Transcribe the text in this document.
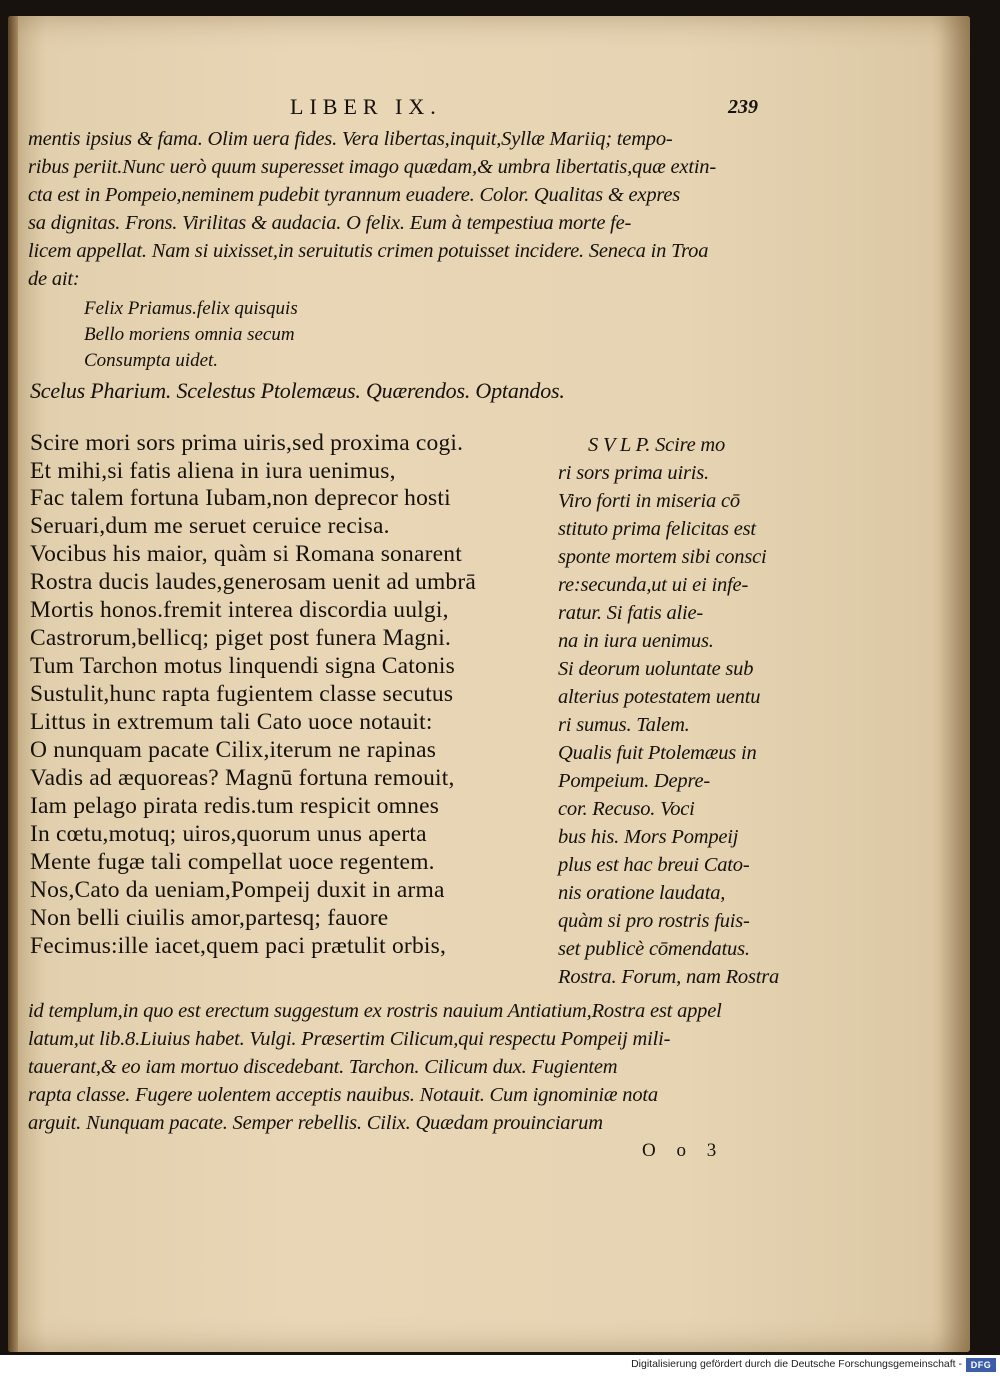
LIBER IX.	239
mentis ipsius & fama. Olim uera fides. Vera libertas,inquit,Syllæ Mariiq; tempo-
ribus periit.Nunc uerò quum superesset imago quædam,& umbra libertatis,quæ extin-
cta est in Pompeio,neminem pudebit tyrannum euadere. Color. Qualitas & expres
sa dignitas. Frons. Virilitas & audacia. O felix. Eum à tempestiua morte fe-
licem appellat. Nam si uixisset,in seruitutis crimen potuisset incidere. Seneca in Troa
de ait:
Felix Priamus.felix quisquis
Bello moriens omnia secum
Consumpta uidet.
Scelus Pharium. Scelestus Ptolemæus. Quærendos. Optandos.
Scire mori sors prima uiris,sed proxima cogi.
Et mihi,si fatis aliena in iura uenimus,
Fac talem fortuna Iubam,non deprecor hosti
Seruari,dum me seruet ceruice recisa.
Vocibus his maior, quàm si Romana sonarent
Rostra ducis laudes,generosam uenit ad umbrā
Mortis honos.fremit interea discordia uulgi,
Castrorum,bellicq; piget post funera Magni.
Tum Tarchon motus linquendi signa Catonis
Sustulit,hunc rapta fugientem classe secutus
Littus in extremum tali Cato uoce notauit:
O nunquam pacate Cilix,iterum ne rapinas
Vadis ad æquoreas? Magnū fortuna remouit,
Iam pelago pirata redis.tum respicit omnes
In cœtu,motuq; uiros,quorum unus aperta
Mente fugæ tali compellat uoce regentem.
Nos,Cato da ueniam,Pompeij duxit in arma
Non belli ciuilis amor,partesq; fauore
Fecimus:ille iacet,quem paci prætulit orbis,
S V L P. Scire mo
ri sors prima uiris.
Viro forti in miseria cō
stituto prima felicitas est
sponte mortem sibi consci
re:secunda,ut ui ei infe-
ratur. Si fatis alie-
na in iura uenimus.
Si deorum uoluntate sub
alterius potestatem uentu
ri sumus. Talem.
Qualis fuit Ptolemæus in
Pompeium. Depre-
cor. Recuso. Voci
bus his. Mors Pompeij
plus est hac breui Cato-
nis oratione laudata,
quàm si pro rostris fuis-
set publicè cōmendatus.
Rostra. Forum, nam Rostra
id templum,in quo est erectum suggestum ex rostris nauium Antiatium,Rostra est appel
latum,ut lib.8.Liuius habet. Vulgi. Præsertim Cilicum,qui respectu Pompeij mili-
tauerant,& eo iam mortuo discedebant. Tarchon. Cilicum dux. Fugientem
rapta classe. Fugere uolentem acceptis nauibus. Notauit. Cum ignominiæ nota
arguit. Nunquam pacate. Semper rebellis. Cilix. Quædam prouinciarum
O o 3
Digitalisierung gefördert durch die Deutsche Forschungsgemeinschaft - DFG
